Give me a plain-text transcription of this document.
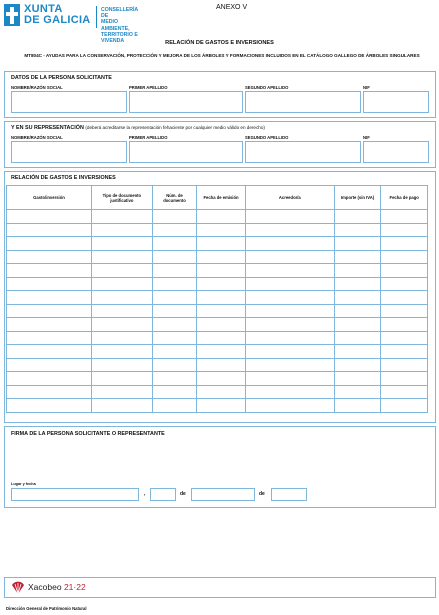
XUNTA
DE GALICIA
CONSELLERÍA DE
MEDIO AMBIENTE,
TERRITORIO E VIVENDA
ANEXO V
RELACIÓN DE GASTOS E INVERSIONES
MT804C - AYUDAS PARA LA CONSERVACIÓN, PROTECCIÓN Y MEJORA DE LOS ÁRBOLES Y FORMACIONES INCLUIDOS EN EL CATÁLOGO GALLEGO DE ÁRBOLES SINGULARES
DATOS DE LA PERSONA SOLICITANTE
NOMBRE/RAZÓN SOCIAL	PRIMER APELLIDO	SEGUNDO APELLIDO	NIF
Y EN SU REPRESENTACIÓN (deberá acreditarse la representación fehaciente por cualquier medio válido en derecho)
NOMBRE/RAZÓN SOCIAL	PRIMER APELLIDO	SEGUNDO APELLIDO	NIF
RELACIÓN DE GASTOS E INVERSIONES
Gasto/inversión	Tipo de documento justificativo	Núm. de documento	Fecha de emisión	Acreedor/a	Importe (sin IVA)	Fecha de pago

FIRMA DE LA PERSONA SOLICITANTE O REPRESENTANTE
Lugar y fecha
,	de	de
Xacobeo 21·22
Dirección General de Patrimonio Natural
